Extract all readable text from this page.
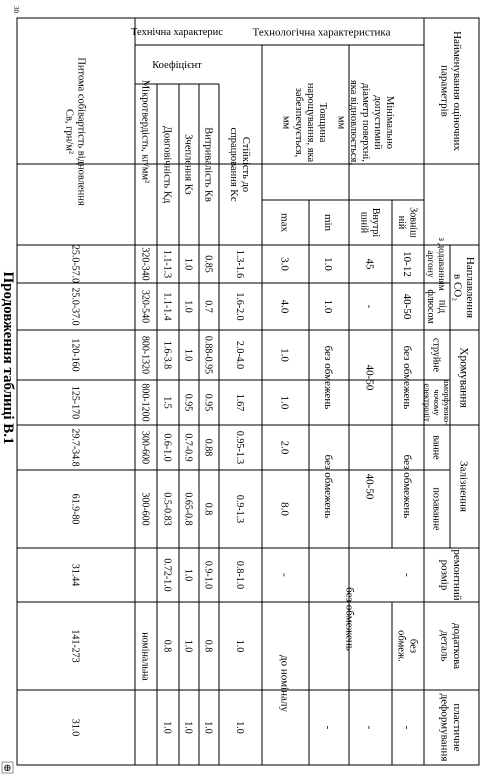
Найменування оціночнихпараметрів
Наплавленняв CO₂
з додаваннямаргону
підфлюсом
Хромування
струйне
аморфуюно-чочомуелектроліт
Залізнення
ванне
позаванне
ремонтнийрозмір
додатковадеталь
пластичнедеформування
Технологічна характеристика
Технічна характерис
Коефіцієнт
Мінімальнодопустимийдіаметр поверхні,яка відновлюється,мм
Зовнішній
Внутрішній
Товщинанарощування, яказабезпечується,мм
min
max
Стійкість доспрацювання Kс
Витривалість Кв
Зчеплення Кз
Довговічність Кд
Мікротвердість, кг/мм²
Питома собівартість відновленняСв, грн/м²
1.3-1.6
1.6-2.0
2.0-4.0
1.67
0.95-1.3
0.9-1.3
0.8-1.0
1.0
1.0
0.85
0.7
0.88-0.95
0.95
0.88
0.8
0.9-1.0
0.8
1.0
1.0
1.0
1.0
0.95
0.7-0.9
0.65-0.8
1.0
1.0
1.0
1.1-1.3
1.1-1.4
1.6-3.8
1.5
0.6-1.0
0.5-0.83
0.72-1.0
0.8
1.0
25.0-57.0
25.0-37.0
120-160
125-170
29.7-34.8
61.9-80
31.44
141-273
31.0
320-340
320-540
800-1320
800-1200
300-600
300-600
номінальна
10-12
40-50
без обмежень
без обмежень
45
-
40-50
40-50
-
безобмеж.
-
без обмежень
-
1.0
1.0
без обмежень
без обмежень
-
3.0
4.0
1.0
1.0
2.0
8.0
-
до номіналу
Продовження таблиці В.1
30
⊕
